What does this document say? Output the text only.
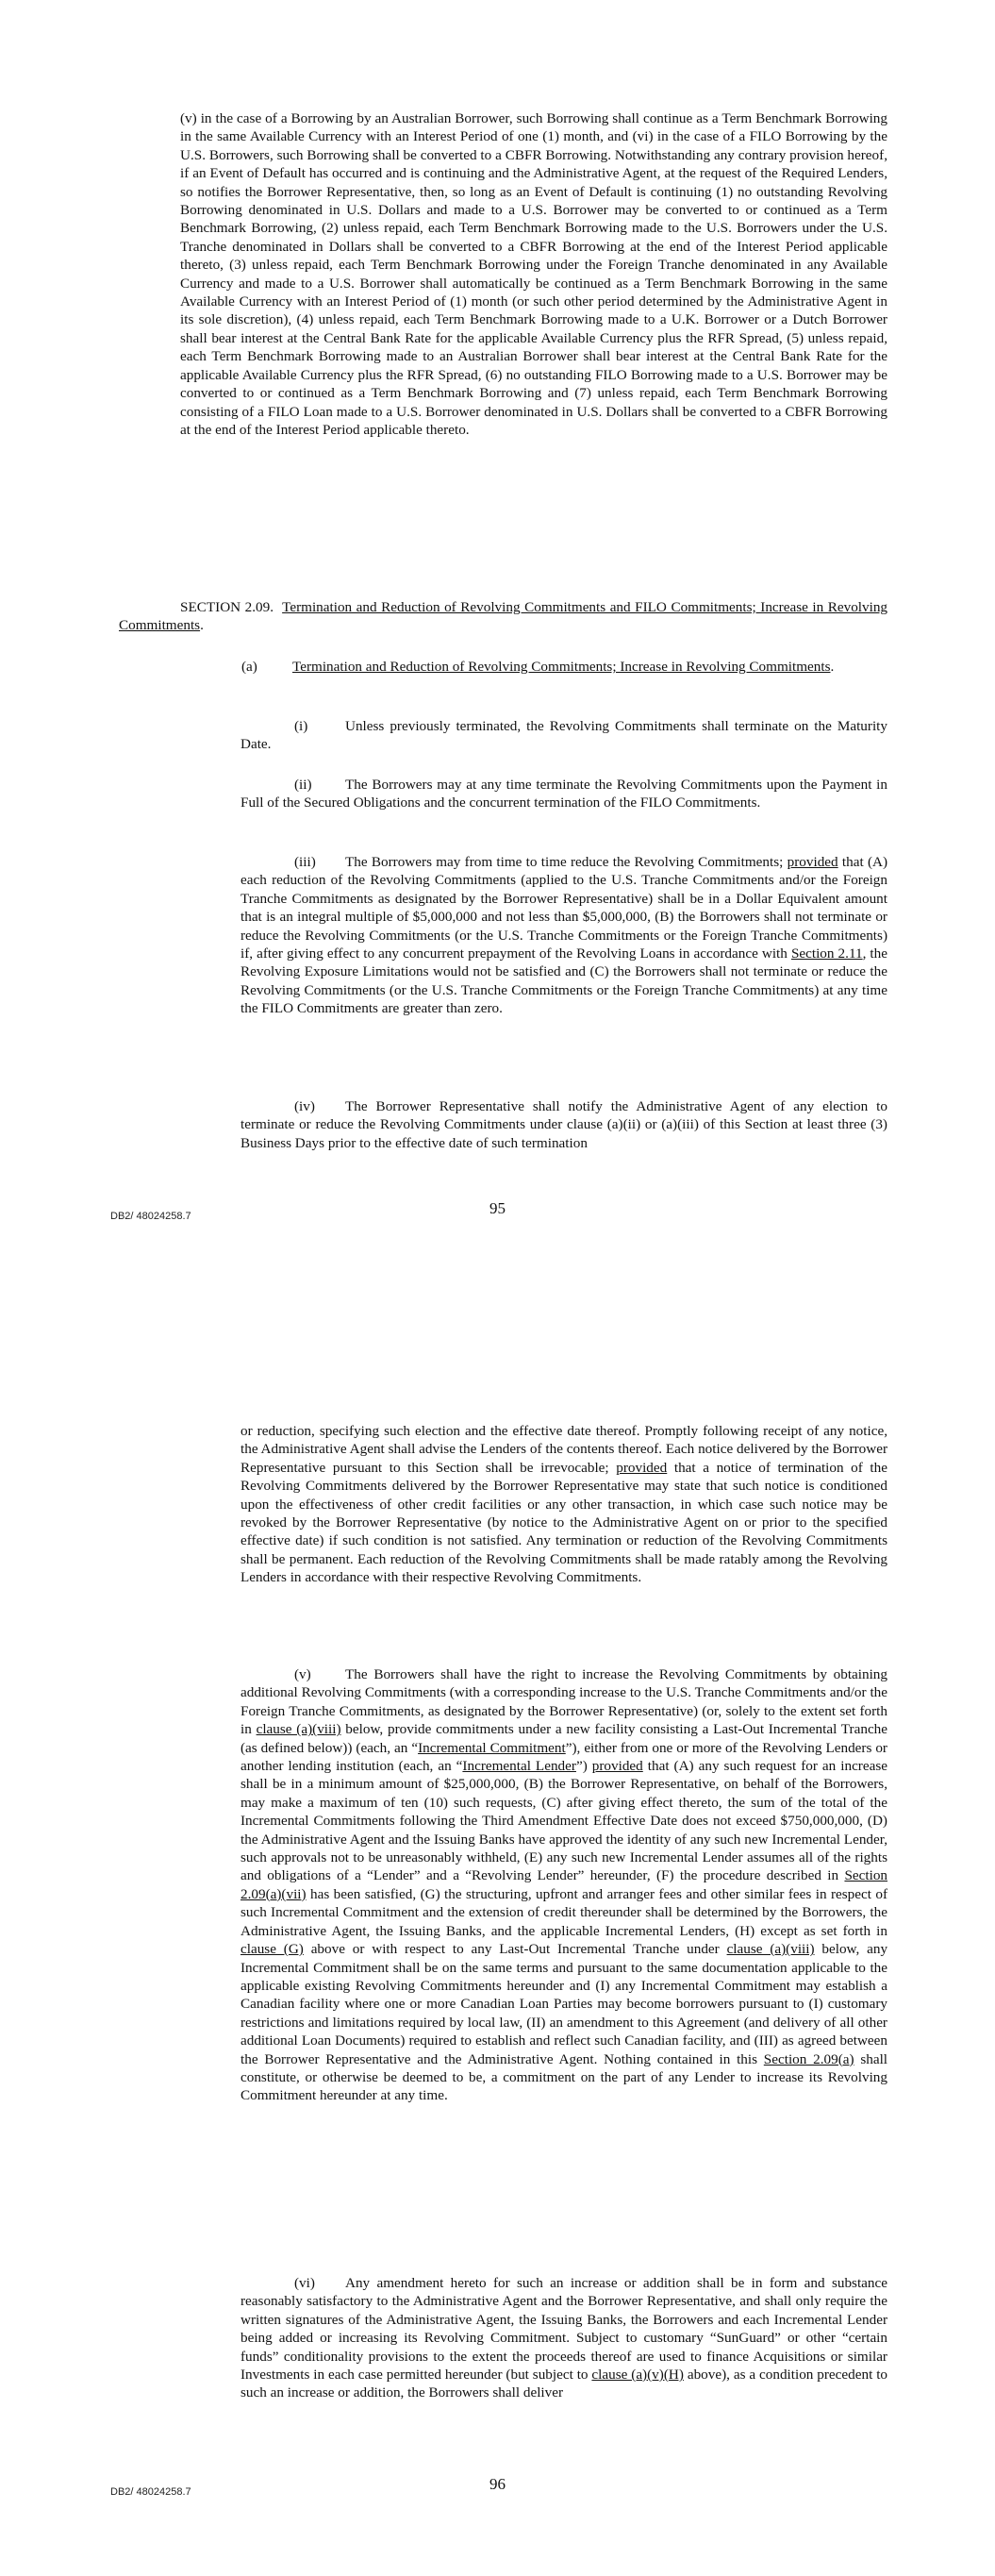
(v) in the case of a Borrowing by an Australian Borrower, such Borrowing shall continue as a Term Benchmark Borrowing in the same Available Currency with an Interest Period of one (1) month, and (vi) in the case of a FILO Borrowing by the U.S. Borrowers, such Borrowing shall be converted to a CBFR Borrowing. Notwithstanding any contrary provision hereof, if an Event of Default has occurred and is continuing and the Administrative Agent, at the request of the Required Lenders, so notifies the Borrower Representative, then, so long as an Event of Default is continuing (1) no outstanding Revolving Borrowing denominated in U.S. Dollars and made to a U.S. Borrower may be converted to or continued as a Term Benchmark Borrowing, (2) unless repaid, each Term Benchmark Borrowing made to the U.S. Borrowers under the U.S. Tranche denominated in Dollars shall be converted to a CBFR Borrowing at the end of the Interest Period applicable thereto, (3) unless repaid, each Term Benchmark Borrowing under the Foreign Tranche denominated in any Available Currency and made to a U.S. Borrower shall automatically be continued as a Term Benchmark Borrowing in the same Available Currency with an Interest Period of (1) month (or such other period determined by the Administrative Agent in its sole discretion), (4) unless repaid, each Term Benchmark Borrowing made to a U.K. Borrower or a Dutch Borrower shall bear interest at the Central Bank Rate for the applicable Available Currency plus the RFR Spread, (5) unless repaid, each Term Benchmark Borrowing made to an Australian Borrower shall bear interest at the Central Bank Rate for the applicable Available Currency plus the RFR Spread, (6) no outstanding FILO Borrowing made to a U.S. Borrower may be converted to or continued as a Term Benchmark Borrowing and (7) unless repaid, each Term Benchmark Borrowing consisting of a FILO Loan made to a U.S. Borrower denominated in U.S. Dollars shall be converted to a CBFR Borrowing at the end of the Interest Period applicable thereto.

SECTION 2.09. Termination and Reduction of Revolving Commitments and FILO Commitments; Increase in Revolving Commitments.

(a) Termination and Reduction of Revolving Commitments; Increase in Revolving Commitments.

(i)	Unless previously terminated, the Revolving Commitments shall terminate on the Maturity Date.

(ii) The Borrowers may at any time terminate the Revolving Commitments upon the Payment in Full of the Secured Obligations and the concurrent termination of the FILO Commitments.

(iii) The Borrowers may from time to time reduce the Revolving Commitments; provided that (A) each reduction of the Revolving Commitments (applied to the U.S. Tranche Commitments and/or the Foreign Tranche Commitments as designated by the Borrower Representative) shall be in a Dollar Equivalent amount that is an integral multiple of $5,000,000 and not less than $5,000,000, (B) the Borrowers shall not terminate or reduce the Revolving Commitments (or the U.S. Tranche Commitments or the Foreign Tranche Commitments) if, after giving effect to any concurrent prepayment of the Revolving Loans in accordance with Section 2.11, the Revolving Exposure Limitations would not be satisfied and (C) the Borrowers shall not terminate or reduce the Revolving Commitments (or the U.S. Tranche Commitments or the Foreign Tranche Commitments) at any time the FILO Commitments are greater than zero.

(iv) The Borrower Representative shall notify the Administrative Agent of any election to terminate or reduce the Revolving Commitments under clause (a)(ii) or (a)(iii) of this Section at least three (3) Business Days prior to the effective date of such termination

DB2/ 48024258.7	95

or reduction, specifying such election and the effective date thereof. Promptly following receipt of any notice, the Administrative Agent shall advise the Lenders of the contents thereof. Each notice delivered by the Borrower Representative pursuant to this Section shall be irrevocable; provided that a notice of termination of the Revolving Commitments delivered by the Borrower Representative may state that such notice is conditioned upon the effectiveness of other credit facilities or any other transaction, in which case such notice may be revoked by the Borrower Representative (by notice to the Administrative Agent on or prior to the specified effective date) if such condition is not satisfied. Any termination or reduction of the Revolving Commitments shall be permanent. Each reduction of the Revolving Commitments shall be made ratably among the Revolving Lenders in accordance with their respective Revolving Commitments.

(v) The Borrowers shall have the right to increase the Revolving Commitments by obtaining additional Revolving Commitments (with a corresponding increase to the U.S. Tranche Commitments and/or the Foreign Tranche Commitments, as designated by the Borrower Representative) (or, solely to the extent set forth in clause (a)(viii) below, provide commitments under a new facility consisting a Last-Out Incremental Tranche (as defined below)) (each, an “Incremental Commitment”), either from one or more of the Revolving Lenders or another lending institution (each, an “Incremental Lender”) provided that (A) any such request for an increase shall be in a minimum amount of $25,000,000, (B) the Borrower Representative, on behalf of the Borrowers, may make a maximum of ten (10) such requests, (C) after giving effect thereto, the sum of the total of the Incremental Commitments following the Third Amendment Effective Date does not exceed $750,000,000, (D) the Administrative Agent and the Issuing Banks have approved the identity of any such new Incremental Lender, such approvals not to be unreasonably withheld, (E) any such new Incremental Lender assumes all of the rights and obligations of a “Lender” and a “Revolving Lender” hereunder, (F) the procedure described in Section 2.09(a)(vii) has been satisfied, (G) the structuring, upfront and arranger fees and other similar fees in respect of such Incremental Commitment and the extension of credit thereunder shall be determined by the Borrowers, the Administrative Agent, the Issuing Banks, and the applicable Incremental Lenders, (H) except as set forth in clause (G) above or with respect to any Last-Out Incremental Tranche under clause (a)(viii) below, any Incremental Commitment shall be on the same terms and pursuant to the same documentation applicable to the applicable existing Revolving Commitments hereunder and (I) any Incremental Commitment may establish a Canadian facility where one or more Canadian Loan Parties may become borrowers pursuant to (I) customary restrictions and limitations required by local law, (II) an amendment to this Agreement (and delivery of all other additional Loan Documents) required to establish and reflect such Canadian facility, and (III) as agreed between the Borrower Representative and the Administrative Agent. Nothing contained in this Section 2.09(a) shall constitute, or otherwise be deemed to be, a commitment on the part of any Lender to increase its Revolving Commitment hereunder at any time.

(vi) Any amendment hereto for such an increase or addition shall be in form and substance reasonably satisfactory to the Administrative Agent and the Borrower Representative, and shall only require the written signatures of the Administrative Agent, the Issuing Banks, the Borrowers and each Incremental Lender being added or increasing its Revolving Commitment. Subject to customary “SunGuard” or other “certain funds” conditionality provisions to the extent the proceeds thereof are used to finance Acquisitions or similar Investments in each case permitted hereunder (but subject to clause (a)(v)(H) above), as a condition precedent to such an increase or addition, the Borrowers shall deliver

DB2/ 48024258.7	96
